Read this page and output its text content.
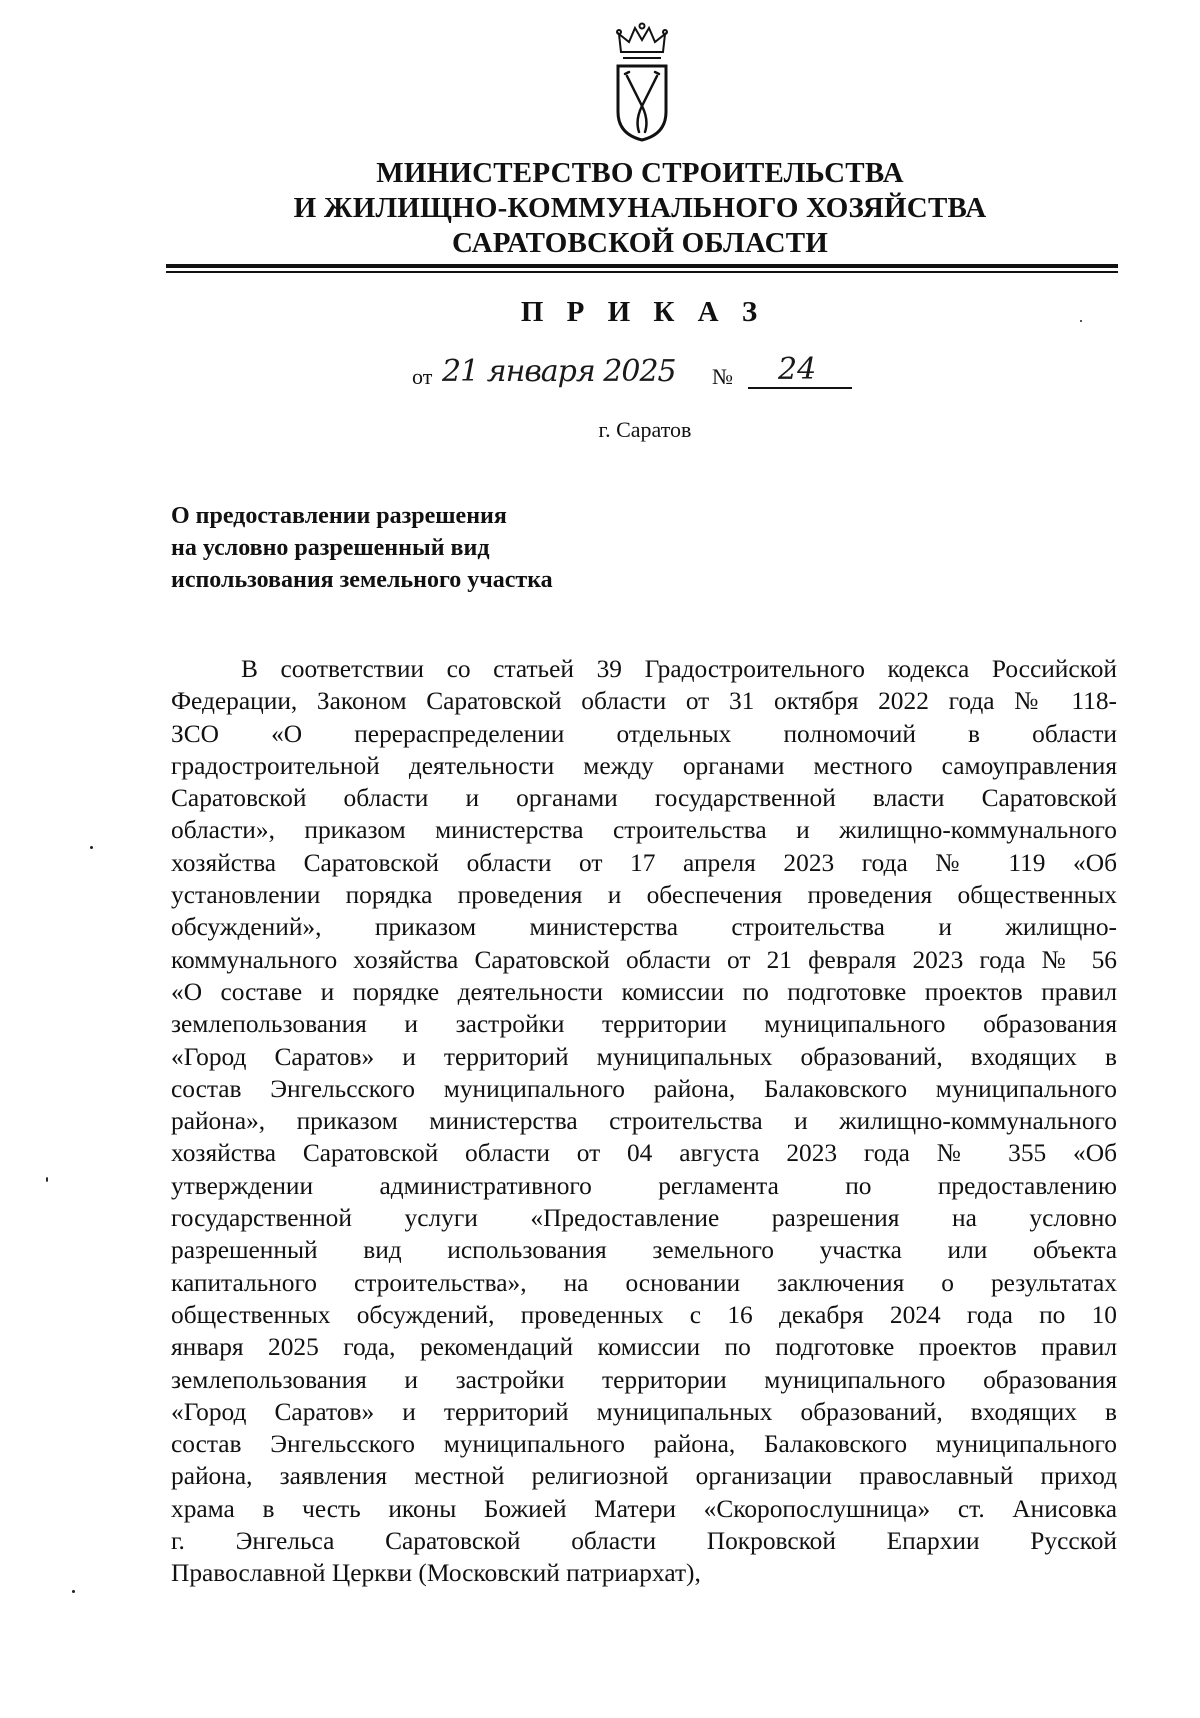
МИНИСТЕРСТВО СТРОИТЕЛЬСТВА
И ЖИЛИЩНО-КОММУНАЛЬНОГО ХОЗЯЙСТВА
САРАТОВСКОЙ ОБЛАСТИ
П Р И К А З
от 21 января 2025 № 24
г. Саратов
О предоставлении разрешения
на условно разрешенный вид
использования земельного участка
В соответствии со статьей 39 Градостроительного кодекса Российской
Федерации, Законом Саратовской области от 31 октября 2022 года № 118-
ЗСО «О перераспределении отдельных полномочий в области
градостроительной деятельности между органами местного самоуправления
Саратовской области и органами государственной власти Саратовской
области», приказом министерства строительства и жилищно-коммунального
хозяйства Саратовской области от 17 апреля 2023 года № 119 «Об
установлении порядка проведения и обеспечения проведения общественных
обсуждений», приказом министерства строительства и жилищно-
коммунального хозяйства Саратовской области от 21 февраля 2023 года № 56
«О составе и порядке деятельности комиссии по подготовке проектов правил
землепользования и застройки территории муниципального образования
«Город Саратов» и территорий муниципальных образований, входящих в
состав Энгельсского муниципального района, Балаковского муниципального
района», приказом министерства строительства и жилищно-коммунального
хозяйства Саратовской области от 04 августа 2023 года № 355 «Об
утверждении административного регламента по предоставлению
государственной услуги «Предоставление разрешения на условно
разрешенный вид использования земельного участка или объекта
капитального строительства», на основании заключения о результатах
общественных обсуждений, проведенных с 16 декабря 2024 года по 10
января 2025 года, рекомендаций комиссии по подготовке проектов правил
землепользования и застройки территории муниципального образования
«Город Саратов» и территорий муниципальных образований, входящих в
состав Энгельсского муниципального района, Балаковского муниципального
района, заявления местной религиозной организации православный приход
храма в честь иконы Божией Матери «Скоропослушница» ст. Анисовка
г. Энгельса Саратовской области Покровской Епархии Русской
Православной Церкви (Московский патриархат),
